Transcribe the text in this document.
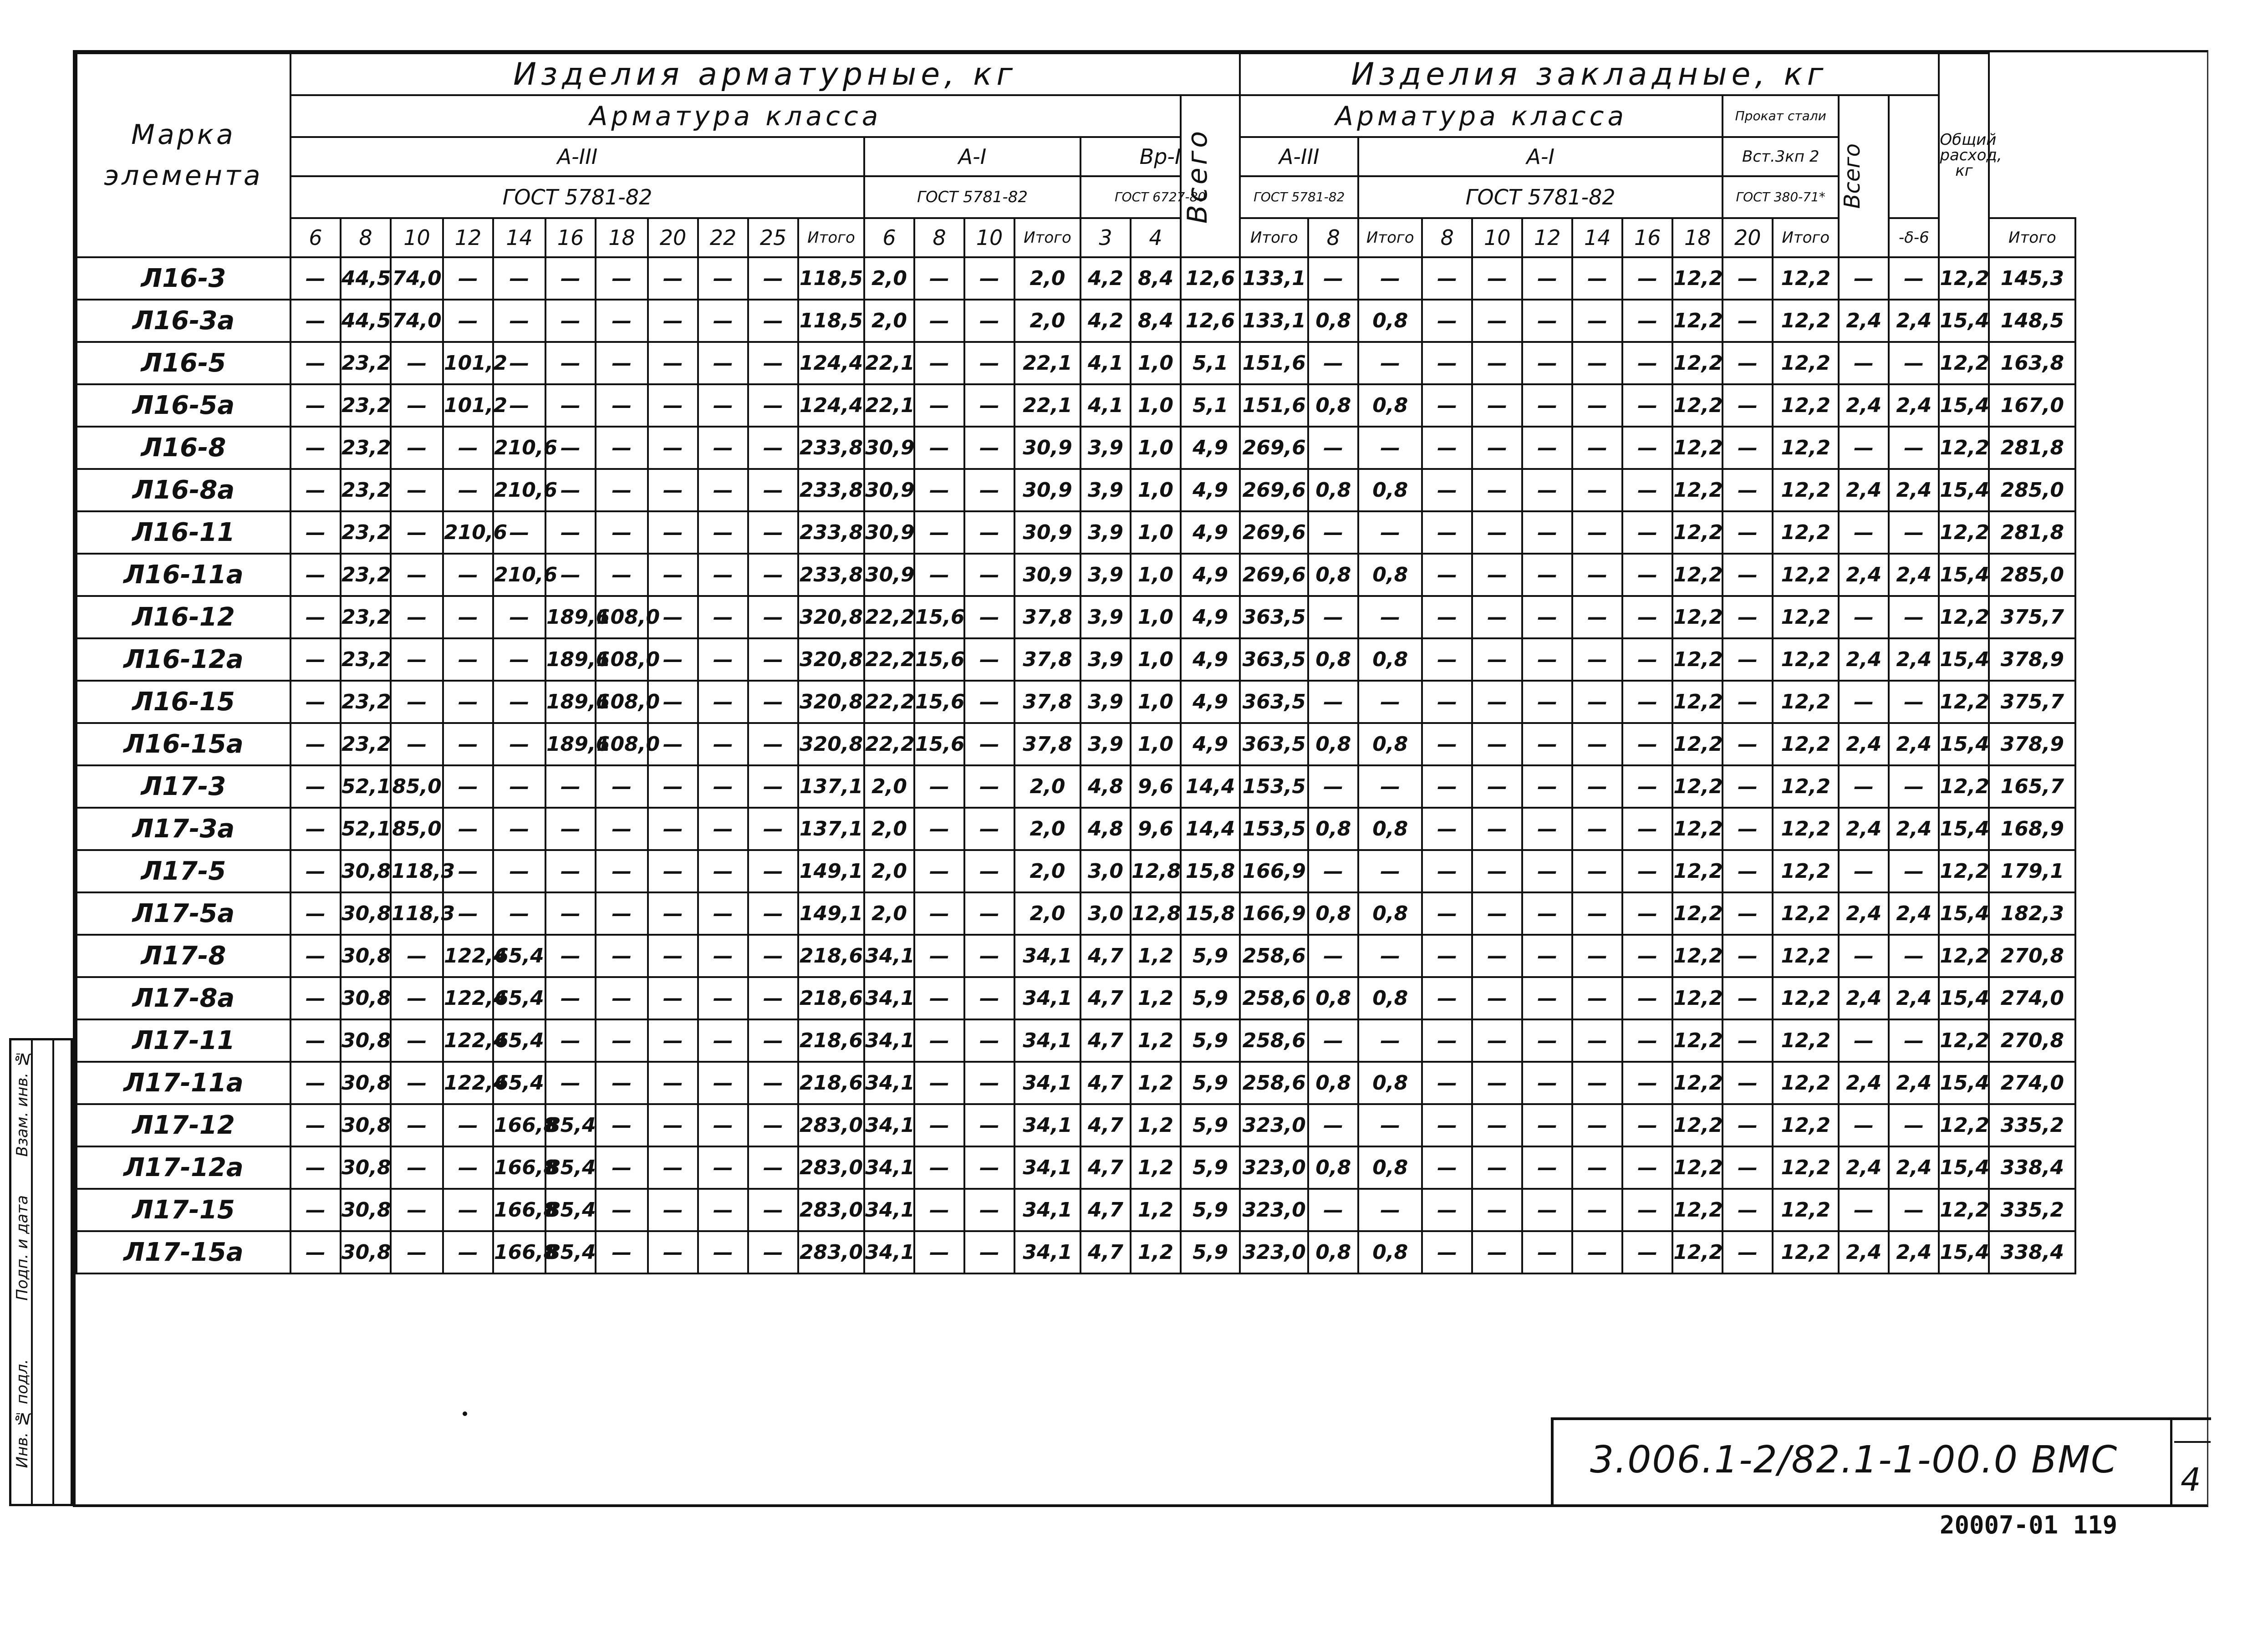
Марка элемента	Изделия арматурные, кг																		Изделия закладные, кг													Общий расход, кг	
	Арматура класса																	Всего	Арматура класса									Прокат стали		Всего			

	А-III											А-I				Вр-I			А-III		А-I							Вст.3кп 2					
	ГОСТ 5781-82											ГОСТ 5781-82				ГОСТ 6727-80			ГОСТ 5781-82		ГОСТ 5781-82							ГОСТ 380-71*					
	6	8	10	12	14	16	18	20	22	25	Итого	6	8	10	Итого	3	4		Итого	8	Итого	8	10	12	14	16	18	20	Итого		-δ-6		Итого
Л16-3	—	44,5	74,0	—	—	—	—	—	—	—	118,5	2,0	—	—	2,0	4,2	8,4	12,6	133,1	—	—	—	—	—	—	—	12,2	—	12,2	—	—	12,2	145,3
Л16-3а	—	44,5	74,0	—	—	—	—	—	—	—	118,5	2,0	—	—	2,0	4,2	8,4	12,6	133,1	0,8	0,8	—	—	—	—	—	12,2	—	12,2	2,4	2,4	15,4	148,5
Л16-5	—	23,2	—	101,2	—	—	—	—	—	—	124,4	22,1	—	—	22,1	4,1	1,0	5,1	151,6	—	—	—	—	—	—	—	12,2	—	12,2	—	—	12,2	163,8
Л16-5а	—	23,2	—	101,2	—	—	—	—	—	—	124,4	22,1	—	—	22,1	4,1	1,0	5,1	151,6	0,8	0,8	—	—	—	—	—	12,2	—	12,2	2,4	2,4	15,4	167,0
Л16-8	—	23,2	—	—	210,6	—	—	—	—	—	233,8	30,9	—	—	30,9	3,9	1,0	4,9	269,6	—	—	—	—	—	—	—	12,2	—	12,2	—	—	12,2	281,8
Л16-8а	—	23,2	—	—	210,6	—	—	—	—	—	233,8	30,9	—	—	30,9	3,9	1,0	4,9	269,6	0,8	0,8	—	—	—	—	—	12,2	—	12,2	2,4	2,4	15,4	285,0
Л16-11	—	23,2	—	210,6	—	—	—	—	—	—	233,8	30,9	—	—	30,9	3,9	1,0	4,9	269,6	—	—	—	—	—	—	—	12,2	—	12,2	—	—	12,2	281,8
Л16-11а	—	23,2	—	—	210,6	—	—	—	—	—	233,8	30,9	—	—	30,9	3,9	1,0	4,9	269,6	0,8	0,8	—	—	—	—	—	12,2	—	12,2	2,4	2,4	15,4	285,0
Л16-12	—	23,2	—	—	—	189,6	108,0	—	—	—	320,8	22,2	15,6	—	37,8	3,9	1,0	4,9	363,5	—	—	—	—	—	—	—	12,2	—	12,2	—	—	12,2	375,7
Л16-12а	—	23,2	—	—	—	189,6	108,0	—	—	—	320,8	22,2	15,6	—	37,8	3,9	1,0	4,9	363,5	0,8	0,8	—	—	—	—	—	12,2	—	12,2	2,4	2,4	15,4	378,9
Л16-15	—	23,2	—	—	—	189,6	108,0	—	—	—	320,8	22,2	15,6	—	37,8	3,9	1,0	4,9	363,5	—	—	—	—	—	—	—	12,2	—	12,2	—	—	12,2	375,7
Л16-15а	—	23,2	—	—	—	189,6	108,0	—	—	—	320,8	22,2	15,6	—	37,8	3,9	1,0	4,9	363,5	0,8	0,8	—	—	—	—	—	12,2	—	12,2	2,4	2,4	15,4	378,9
Л17-3	—	52,1	85,0	—	—	—	—	—	—	—	137,1	2,0	—	—	2,0	4,8	9,6	14,4	153,5	—	—	—	—	—	—	—	12,2	—	12,2	—	—	12,2	165,7
Л17-3а	—	52,1	85,0	—	—	—	—	—	—	—	137,1	2,0	—	—	2,0	4,8	9,6	14,4	153,5	0,8	0,8	—	—	—	—	—	12,2	—	12,2	2,4	2,4	15,4	168,9
Л17-5	—	30,8	118,3	—	—	—	—	—	—	—	149,1	2,0	—	—	2,0	3,0	12,8	15,8	166,9	—	—	—	—	—	—	—	12,2	—	12,2	—	—	12,2	179,1
Л17-5а	—	30,8	118,3	—	—	—	—	—	—	—	149,1	2,0	—	—	2,0	3,0	12,8	15,8	166,9	0,8	0,8	—	—	—	—	—	12,2	—	12,2	2,4	2,4	15,4	182,3
Л17-8	—	30,8	—	122,4	65,4	—	—	—	—	—	218,6	34,1	—	—	34,1	4,7	1,2	5,9	258,6	—	—	—	—	—	—	—	12,2	—	12,2	—	—	12,2	270,8
Л17-8а	—	30,8	—	122,4	65,4	—	—	—	—	—	218,6	34,1	—	—	34,1	4,7	1,2	5,9	258,6	0,8	0,8	—	—	—	—	—	12,2	—	12,2	2,4	2,4	15,4	274,0
Л17-11	—	30,8	—	122,4	65,4	—	—	—	—	—	218,6	34,1	—	—	34,1	4,7	1,2	5,9	258,6	—	—	—	—	—	—	—	12,2	—	12,2	—	—	12,2	270,8
Л17-11а	—	30,8	—	122,4	65,4	—	—	—	—	—	218,6	34,1	—	—	34,1	4,7	1,2	5,9	258,6	0,8	0,8	—	—	—	—	—	12,2	—	12,2	2,4	2,4	15,4	274,0
Л17-12	—	30,8	—	—	166,8	85,4	—	—	—	—	283,0	34,1	—	—	34,1	4,7	1,2	5,9	323,0	—	—	—	—	—	—	—	12,2	—	12,2	—	—	12,2	335,2
Л17-12а	—	30,8	—	—	166,8	85,4	—	—	—	—	283,0	34,1	—	—	34,1	4,7	1,2	5,9	323,0	0,8	0,8	—	—	—	—	—	12,2	—	12,2	2,4	2,4	15,4	338,4
Л17-15	—	30,8	—	—	166,8	85,4	—	—	—	—	283,0	34,1	—	—	34,1	4,7	1,2	5,9	323,0	—	—	—	—	—	—	—	12,2	—	12,2	—	—	12,2	335,2
Л17-15а	—	30,8	—	—	166,8	85,4	—	—	—	—	283,0	34,1	—	—	34,1	4,7	1,2	5,9	323,0	0,8	0,8	—	—	—	—	—	12,2	—	12,2	2,4	2,4	15,4	338,4
3.006.1-2/82.1-1-00.0 ВМС 4
Инв. № подл.
Подп. и дата
Взам. инв. №
20007-01 119
